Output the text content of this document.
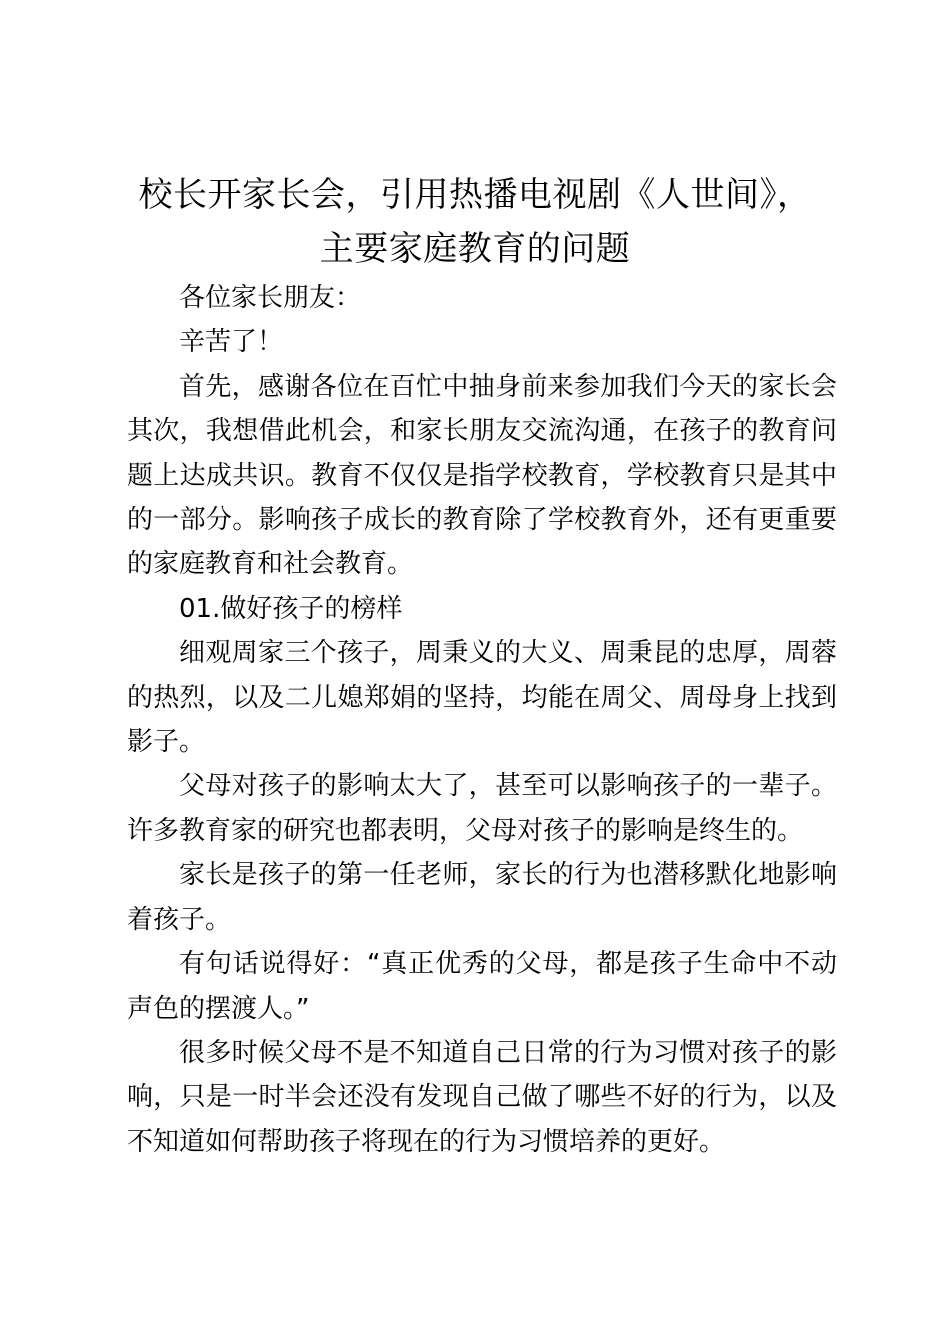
校长开家长会，引用热播电视剧《人世间》，
主要家庭教育的问题

各位家长朋友：

辛苦了！

首先，感谢各位在百忙中抽身前来参加我们今天的家长会其次，我想借此机会，和家长朋友交流沟通，在孩子的教育问题上达成共识。教育不仅仅是指学校教育，学校教育只是其中的一部分。影响孩子成长的教育除了学校教育外，还有更重要的家庭教育和社会教育。

01.做好孩子的榜样

细观周家三个孩子，周秉义的大义、周秉昆的忠厚，周蓉的热烈，以及二儿媳郑娟的坚持，均能在周父、周母身上找到影子。

父母对孩子的影响太大了，甚至可以影响孩子的一辈子。许多教育家的研究也都表明，父母对孩子的影响是终生的。

家长是孩子的第一任老师，家长的行为也潜移默化地影响着孩子。

有句话说得好：“真正优秀的父母，都是孩子生命中不动声色的摆渡人。”

很多时候父母不是不知道自己日常的行为习惯对孩子的影响，只是一时半会还没有发现自己做了哪些不好的行为，以及不知道如何帮助孩子将现在的行为习惯培养的更好。
